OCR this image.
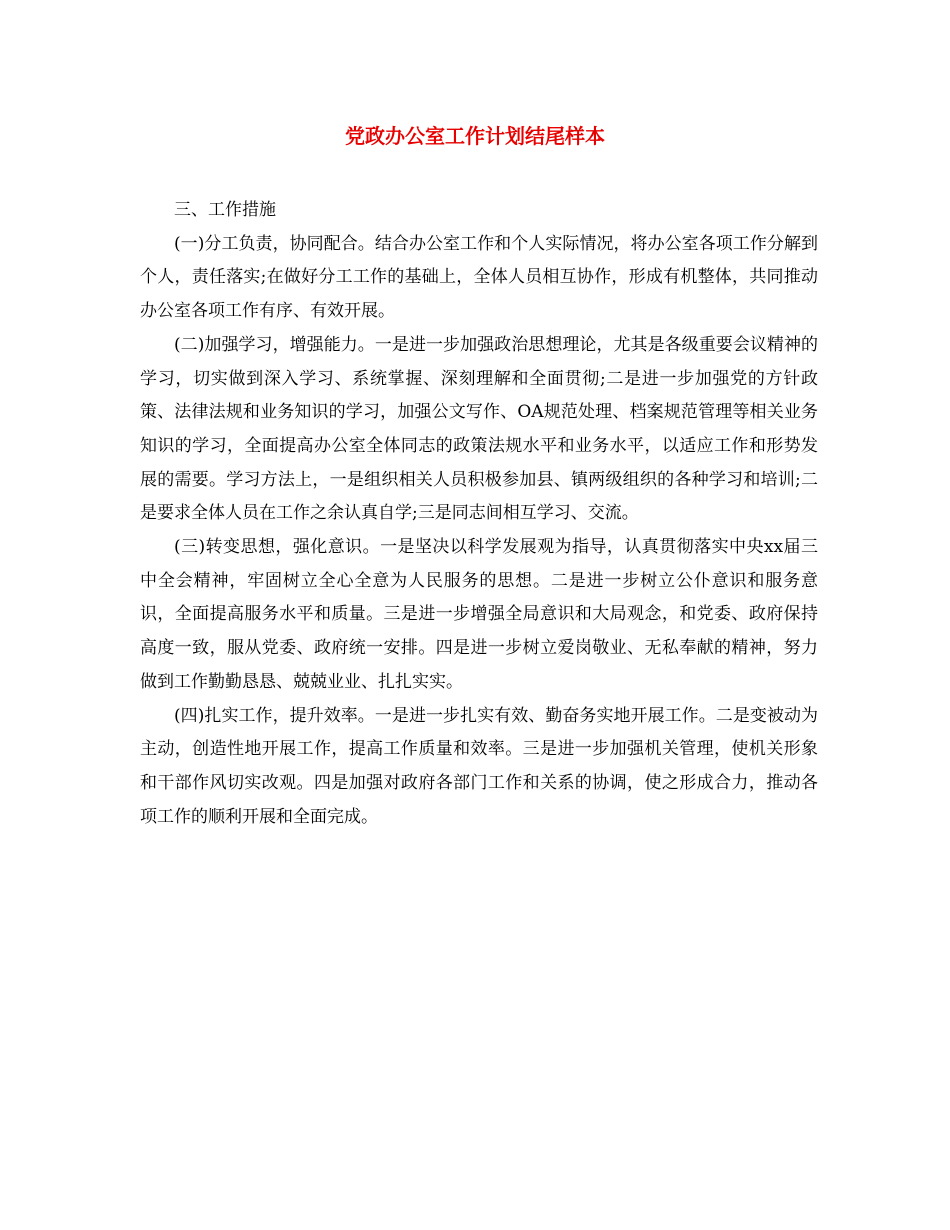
党政办公室工作计划结尾样本

三、工作措施

(一)分工负责，协同配合。结合办公室工作和个人实际情况，将办公室各项工作分解到个人，责任落实;在做好分工工作的基础上，全体人员相互协作，形成有机整体，共同推动办公室各项工作有序、有效开展。

(二)加强学习，增强能力。一是进一步加强政治思想理论，尤其是各级重要会议精神的学习，切实做到深入学习、系统掌握、深刻理解和全面贯彻;二是进一步加强党的方针政策、法律法规和业务知识的学习，加强公文写作、OA规范处理、档案规范管理等相关业务知识的学习，全面提高办公室全体同志的政策法规水平和业务水平，以适应工作和形势发展的需要。学习方法上，一是组织相关人员积极参加县、镇两级组织的各种学习和培训;二是要求全体人员在工作之余认真自学;三是同志间相互学习、交流。

(三)转变思想，强化意识。一是坚决以科学发展观为指导，认真贯彻落实中央xx届三中全会精神，牢固树立全心全意为人民服务的思想。二是进一步树立公仆意识和服务意识，全面提高服务水平和质量。三是进一步增强全局意识和大局观念，和党委、政府保持高度一致，服从党委、政府统一安排。四是进一步树立爱岗敬业、无私奉献的精神，努力做到工作勤勤恳恳、兢兢业业、扎扎实实。

(四)扎实工作，提升效率。一是进一步扎实有效、勤奋务实地开展工作。二是变被动为主动，创造性地开展工作，提高工作质量和效率。三是进一步加强机关管理，使机关形象和干部作风切实改观。四是加强对政府各部门工作和关系的协调，使之形成合力，推动各项工作的顺利开展和全面完成。
